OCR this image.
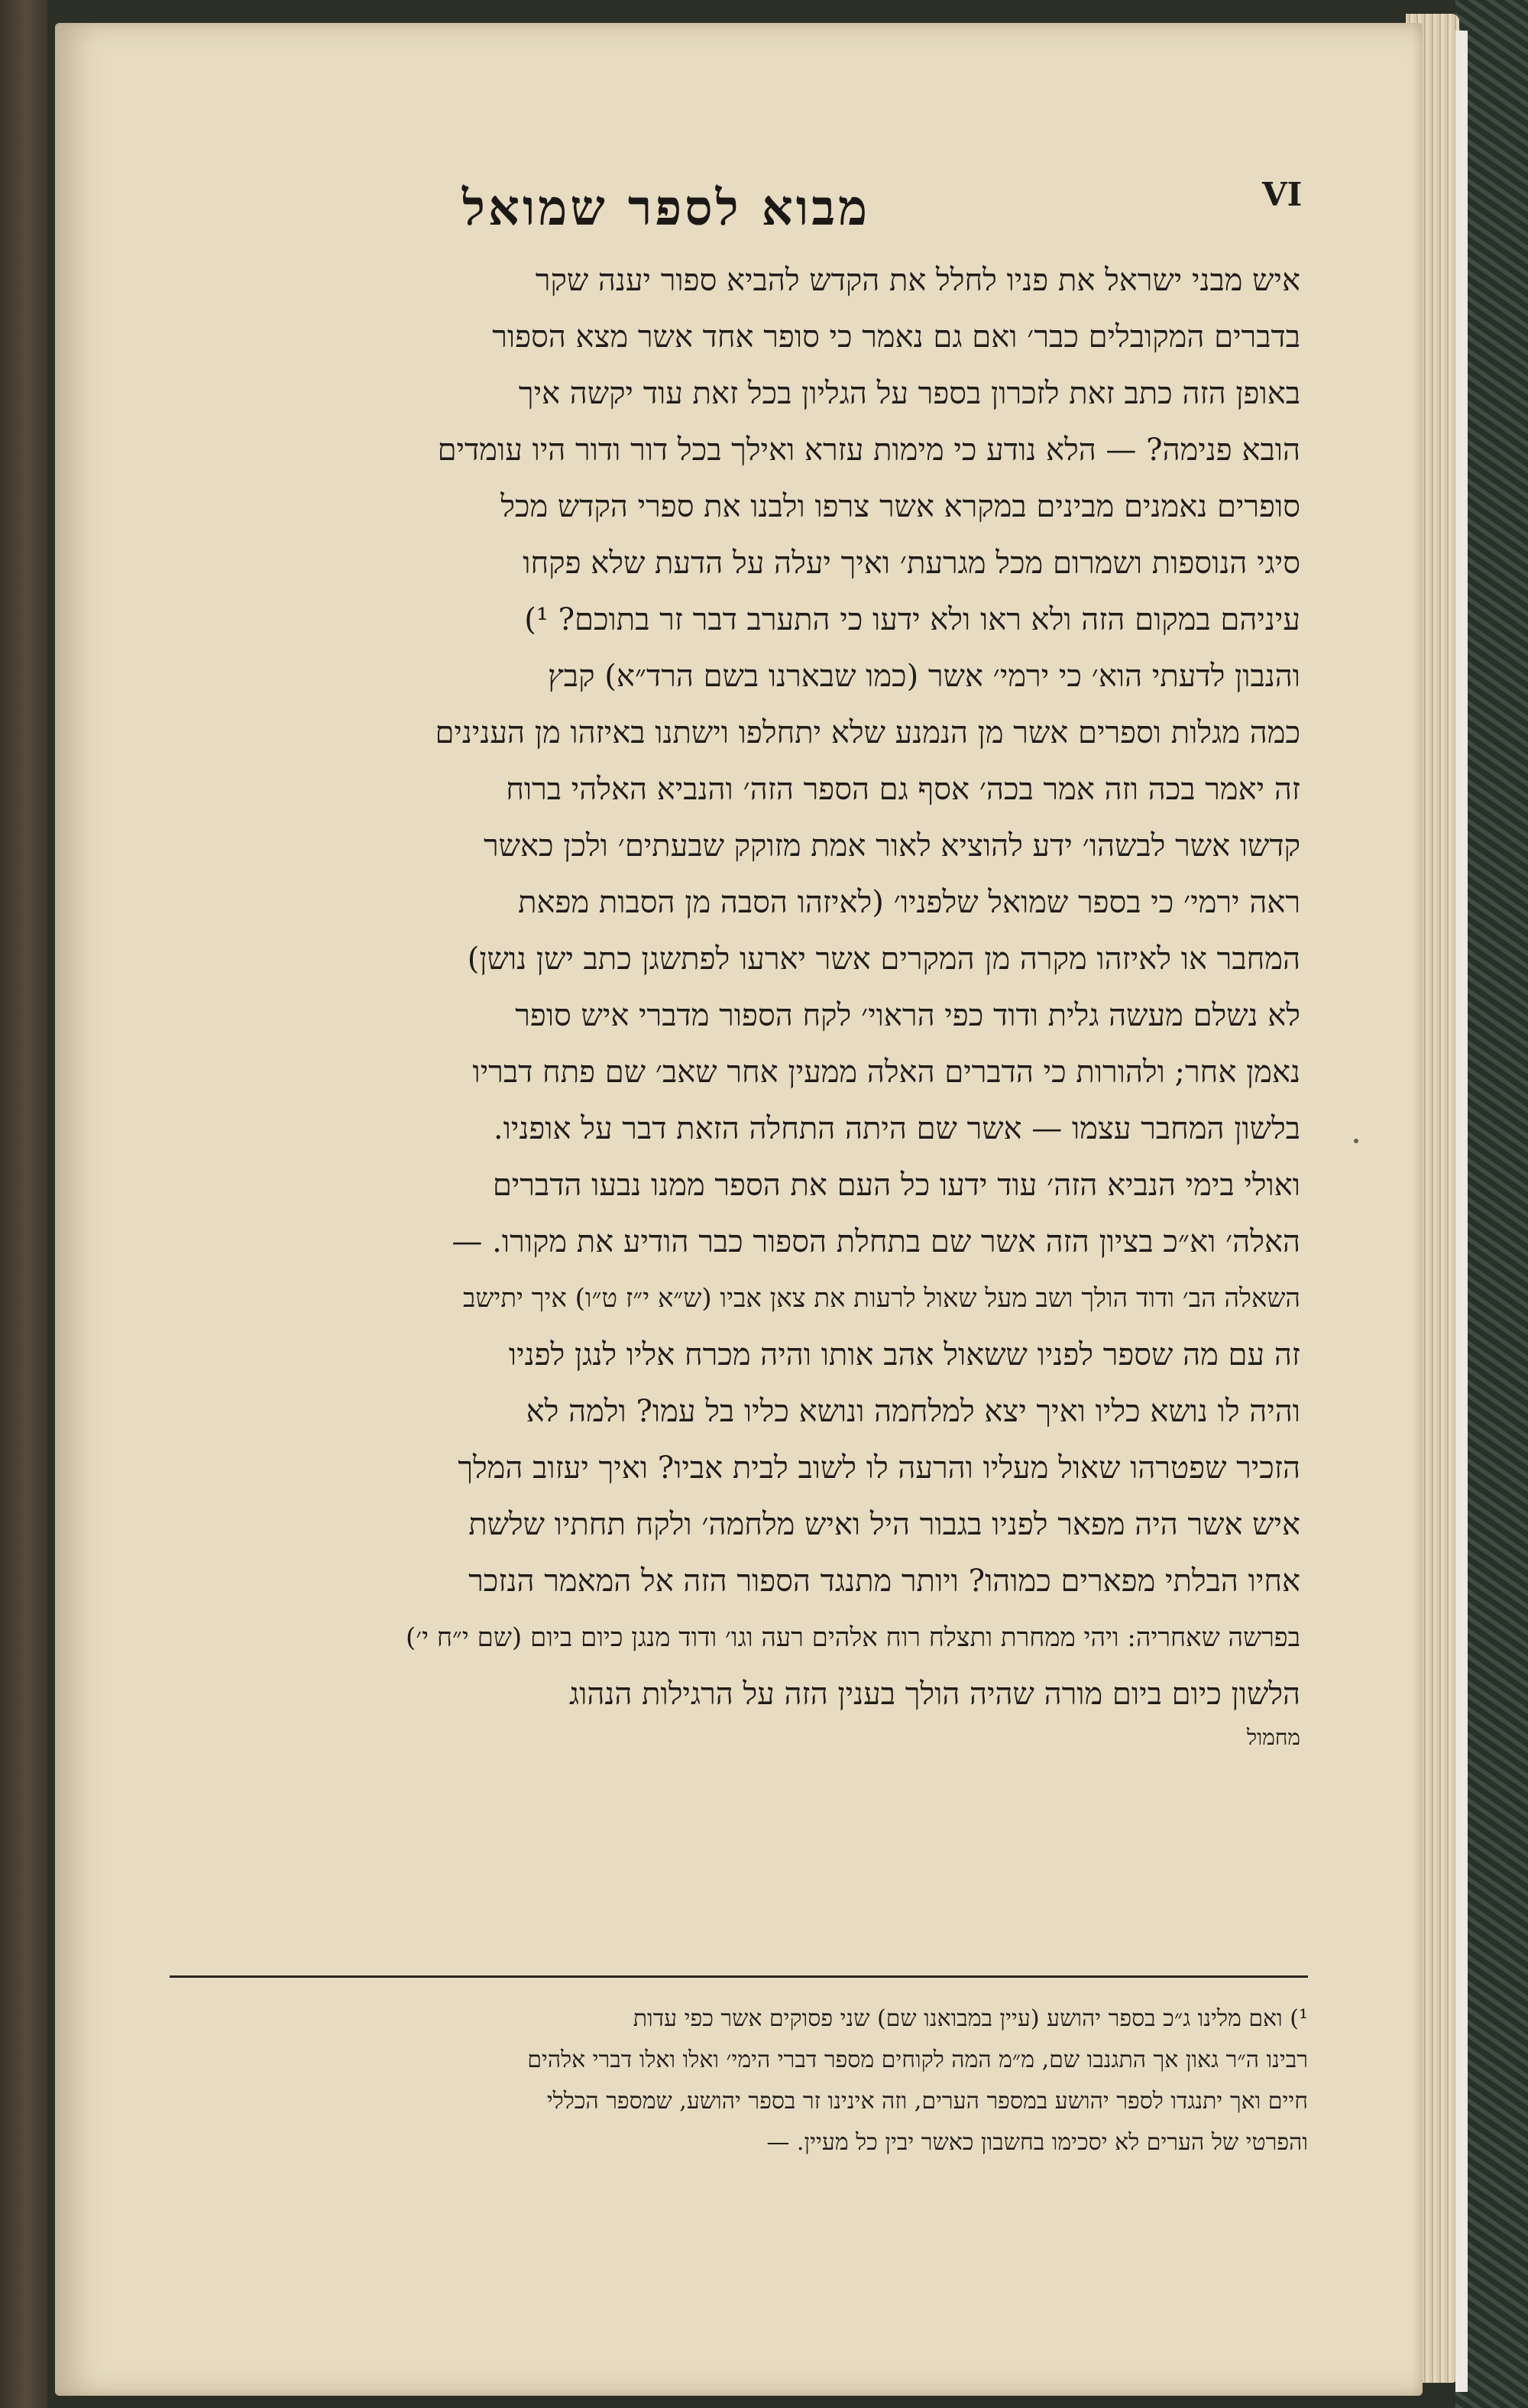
VI
מבוא לספר שמואל
איש מבני ישראל את פניו לחלל את הקדש להביא ספור יענה שקר
בדברים המקובלים כבר׳ ואם גם נאמר כי סופר אחד אשר מצא הספור
באופן הזה כתב זאת לזכרון בספר על הגליון בכל זאת עוד יקשה איך
הובא פנימה? — הלא נודע כי מימות עזרא ואילך בכל דור ודור היו עומדים
סופרים נאמנים מבינים במקרא אשר צרפו ולבנו את ספרי הקדש מכל
סיגי הנוספות ושמרום מכל מגרעת׳ ואיך יעלה על הדעת שלא פקחו
עיניהם במקום הזה ולא ראו ולא ידעו כי התערב דבר זר בתוכם? ¹)
והנבון לדעתי הוא׳ כי ירמי׳ אשר (כמו שבארנו בשם הרד״א) קבץ
כמה מגלות וספרים אשר מן הנמנע שלא יתחלפו וישתנו באיזהו מן הענינים
זה יאמר בכה וזה אמר בכה׳ אסף גם הספר הזה׳ והנביא האלהי ברוח
קדשו אשר לבשהו׳ ידע להוציא לאור אמת מזוקק שבעתים׳ ולכן כאשר
ראה ירמי׳ כי בספר שמואל שלפניו׳ (לאיזהו הסבה מן הסבות מפאת
המחבר או לאיזהו מקרה מן המקרים אשר יארעו לפתשגן כתב ישן נושן)
לא נשלם מעשה גלית ודוד כפי הראוי׳ לקח הספור מדברי איש סופר
נאמן אחר; ולהורות כי הדברים האלה ממעין אחר שאב׳ שם פתח דבריו
בלשון המחבר עצמו — אשר שם היתה התחלה הזאת דבר על אופניו.
ואולי בימי הנביא הזה׳ עוד ידעו כל העם את הספר ממנו נבעו הדברים
האלה׳ וא״כ בציון הזה אשר שם בתחלת הספור כבר הודיע את מקורו. —
השאלה הב׳ ודוד הולך ושב מעל שאול לרעות את צאן אביו (ש״א י״ז ט״ו) איך יתישב
זה עם מה שספר לפניו ששאול אהב אותו והיה מכרח אליו לנגן לפניו
והיה לו נושא כליו ואיך יצא למלחמה ונושא כליו בל עמו? ולמה לא
הזכיר שפטרהו שאול מעליו והרעה לו לשוב לבית אביו? ואיך יעזוב המלך
איש אשר היה מפאר לפניו בגבור היל ואיש מלחמה׳ ולקח תחתיו שלשת
אחיו הבלתי מפארים כמוהו? ויותר מתנגד הספור הזה אל המאמר הנזכר
בפרשה שאחריה: ויהי ממחרת ותצלח רוח אלהים רעה וגו׳ ודוד מנגן כיום ביום (שם י״ח י׳)
הלשון כיום ביום מורה שהיה הולך בענין הזה על הרגילות הנהוג
מחמול
¹) ואם מלינו ג״כ בספר יהושע (עיין במבואנו שם) שני פסוקים אשר כפי עדות
רבינו ה״ר גאון אך התגנבו שם, מ״מ המה לקוחים מספר דברי הימי׳ ואלו ואלו דברי אלהים
חיים ואך יתנגדו לספר יהושע במספר הערים, וזה אינינו זר בספר יהושע, שמספר הכללי
והפרטי של הערים לא יסכימו בחשבון כאשר יבין כל מעיין. —
